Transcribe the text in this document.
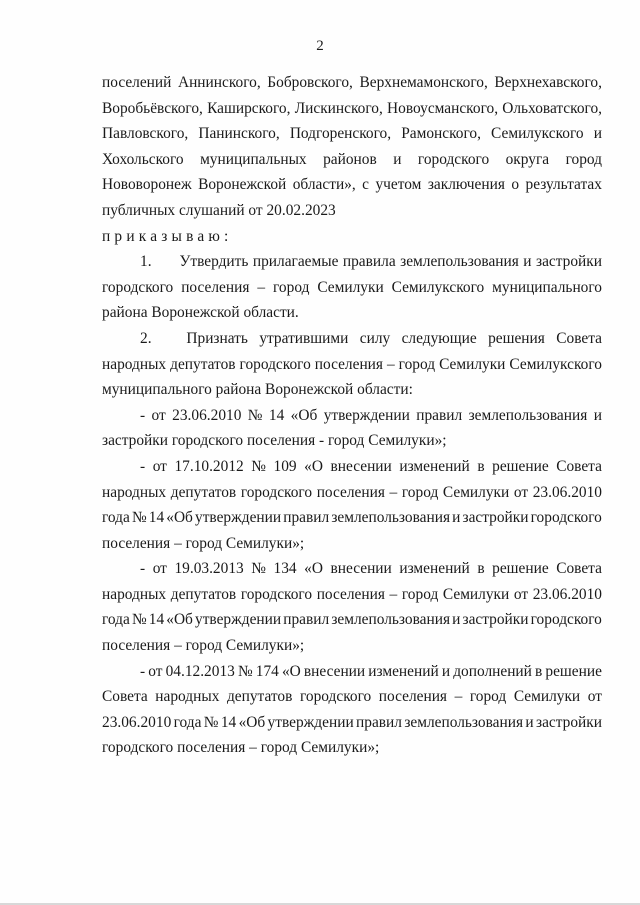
2
поселений Аннинского, Бобровского, Верхнемамонского, Верхнехавского,
Воробьёвского, Каширского, Лискинского, Новоусманского, Ольховатского,
Павловского, Панинского, Подгоренского, Рамонского, Семилукского и
Хохольского муниципальных районов и городского округа город
Нововоронеж Воронежской области», с учетом заключения о результатах
публичных слушаний от 20.02.2023
приказываю:
1.	Утвердить прилагаемые правила землепользования и застройки
городского поселения – город Семилуки Семилукского муниципального
района Воронежской области.
2.	Признать утратившими силу следующие решения Совета
народных депутатов городского поселения – город Семилуки Семилукского
муниципального района Воронежской области:
- от 23.06.2010 № 14 «Об утверждении правил землепользования и
застройки городского поселения - город Семилуки»;
- от 17.10.2012 № 109 «О внесении изменений в решение Совета
народных депутатов городского поселения – город Семилуки от 23.06.2010
года № 14 «Об утверждении правил землепользования и застройки городского
поселения – город Семилуки»;
- от 19.03.2013 № 134 «О внесении изменений в решение Совета
народных депутатов городского поселения – город Семилуки от 23.06.2010
года № 14 «Об утверждении правил землепользования и застройки городского
поселения – город Семилуки»;
- от 04.12.2013 № 174 «О внесении изменений и дополнений в решение
Совета народных депутатов городского поселения – город Семилуки от
23.06.2010 года № 14 «Об утверждении правил землепользования и застройки
городского поселения – город Семилуки»;
